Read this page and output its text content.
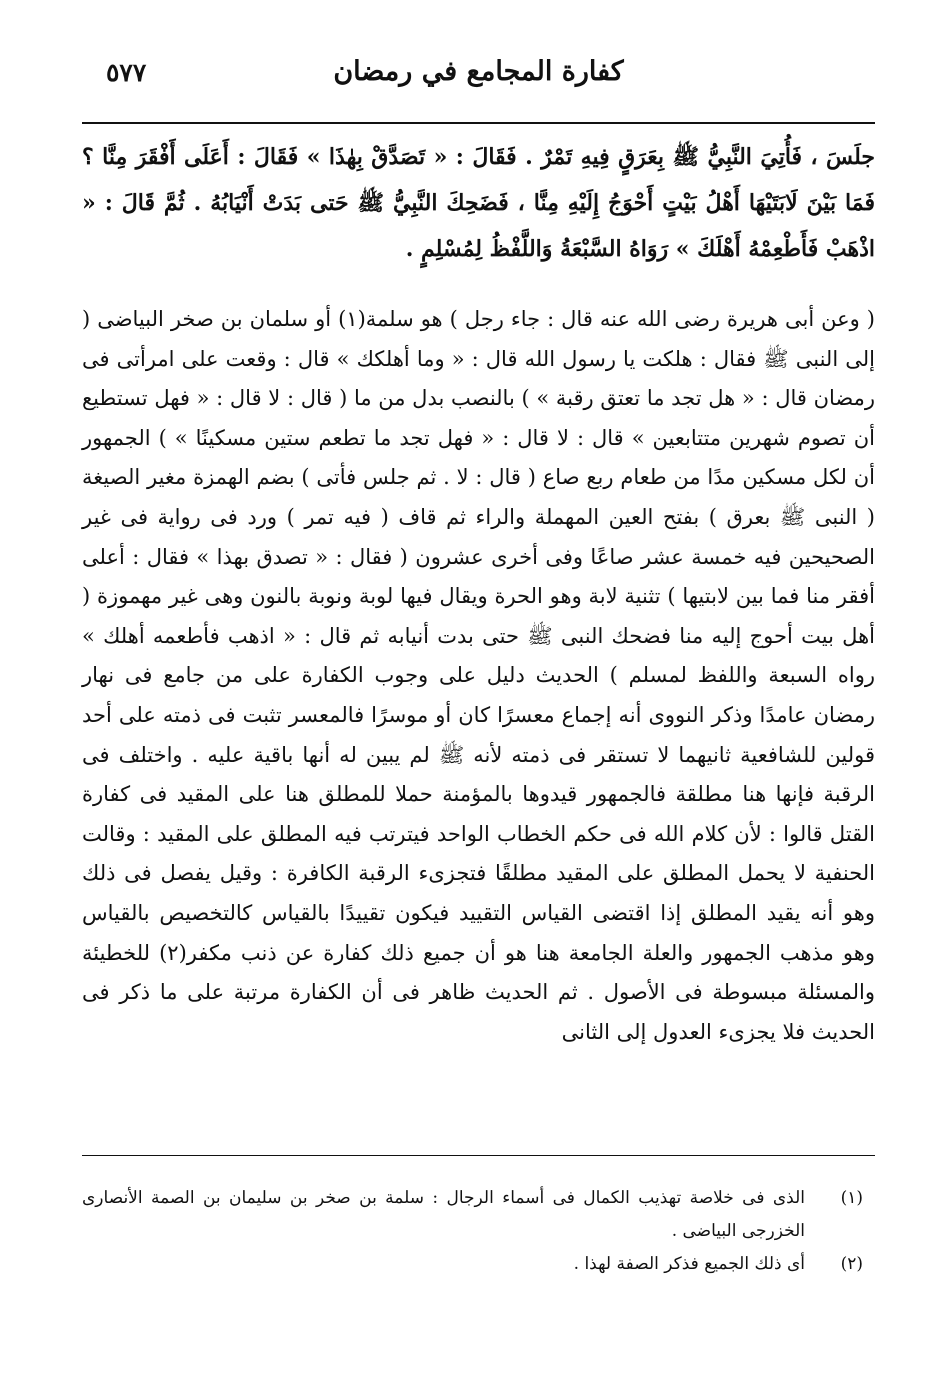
كفارة المجامع في رمضان
٥٧٧

جلَسَ ، فَأُتِيَ النَّبِيُّ ﷺ بِعَرَقٍ فِيهِ تَمْرٌ . فَقَالَ : « تَصَدَّقْ بِهٰذَا » فَقَالَ : أَعَلَى أَفْقَرَ مِنَّا ؟ فَمَا بَيْنَ لَابَتَيْهَا أَهْلُ بَيْتٍ أَحْوَجُ إِلَيْهِ مِنَّا ، فَضَحِكَ النَّبِيُّ ﷺ حَتى بَدَتْ أَنْيَابُهُ . ثُمَّ قَالَ : « اذْهَبْ فَأَطْعِمْهُ أَهْلَكَ » رَوَاهُ السَّبْعَةُ وَاللَّفْظُ لِمُسْلِمٍ .

( وعن أبى هريرة رضى الله عنه قال : جاء رجل ) هو سلمة(١) أو سلمان بن صخر البياضى ( إلى النبى ﷺ فقال : هلكت يا رسول الله قال : « وما أهلكك » قال : وقعت على امرأتى فى رمضان قال : « هل تجد ما تعتق رقبة » ) بالنصب بدل من ما ( قال : لا قال : « فهل تستطيع أن تصوم شهرين متتابعين » قال : لا قال : « فهل تجد ما تطعم ستين مسكينًا » ) الجمهور أن لكل مسكين مدًا من طعام ربع صاع ( قال : لا . ثم جلس فأتى ) بضم الهمزة مغير الصيغة ( النبى ﷺ بعرق ) بفتح العين المهملة والراء ثم قاف ( فيه تمر ) ورد فى رواية فى غير الصحيحين فيه خمسة عشر صاعًا وفى أخرى عشرون ( فقال : « تصدق بهذا » فقال : أعلى أفقر منا فما بين لابتيها ) تثنية لابة وهو الحرة ويقال فيها لوبة ونوبة بالنون وهى غير مهموزة ( أهل بيت أحوج إليه منا فضحك النبى ﷺ حتى بدت أنيابه ثم قال : « اذهب فأطعمه أهلك » رواه السبعة واللفظ لمسلم ) الحديث دليل على وجوب الكفارة على من جامع فى نهار رمضان عامدًا وذكر النووى أنه إجماع معسرًا كان أو موسرًا فالمعسر تثبت فى ذمته على أحد قولين للشافعية ثانيهما لا تستقر فى ذمته لأنه ﷺ لم يبين له أنها باقية عليه . واختلف فى الرقبة فإنها هنا مطلقة فالجمهور قيدوها بالمؤمنة حملا للمطلق هنا على المقيد فى كفارة القتل قالوا : لأن كلام الله فى حكم الخطاب الواحد فيترتب فيه المطلق على المقيد : وقالت الحنفية لا يحمل المطلق على المقيد مطلقًا فتجزىء الرقبة الكافرة : وقيل يفصل فى ذلك وهو أنه يقيد المطلق إذا اقتضى القياس التقييد فيكون تقييدًا بالقياس كالتخصيص بالقياس وهو مذهب الجمهور والعلة الجامعة هنا هو أن جميع ذلك كفارة عن ذنب مكفر(٢) للخطيئة والمسئلة مبسوطة فى الأصول . ثم الحديث ظاهر فى أن الكفارة مرتبة على ما ذكر فى الحديث فلا يجزىء العدول إلى الثانى

(١)
الذى فى خلاصة تهذيب الكمال فى أسماء الرجال : سلمة بن صخر بن سليمان بن الصمة الأنصارى الخزرجى البياضى .
(٢)
أى ذلك الجميع فذكر الصفة لهذا .
